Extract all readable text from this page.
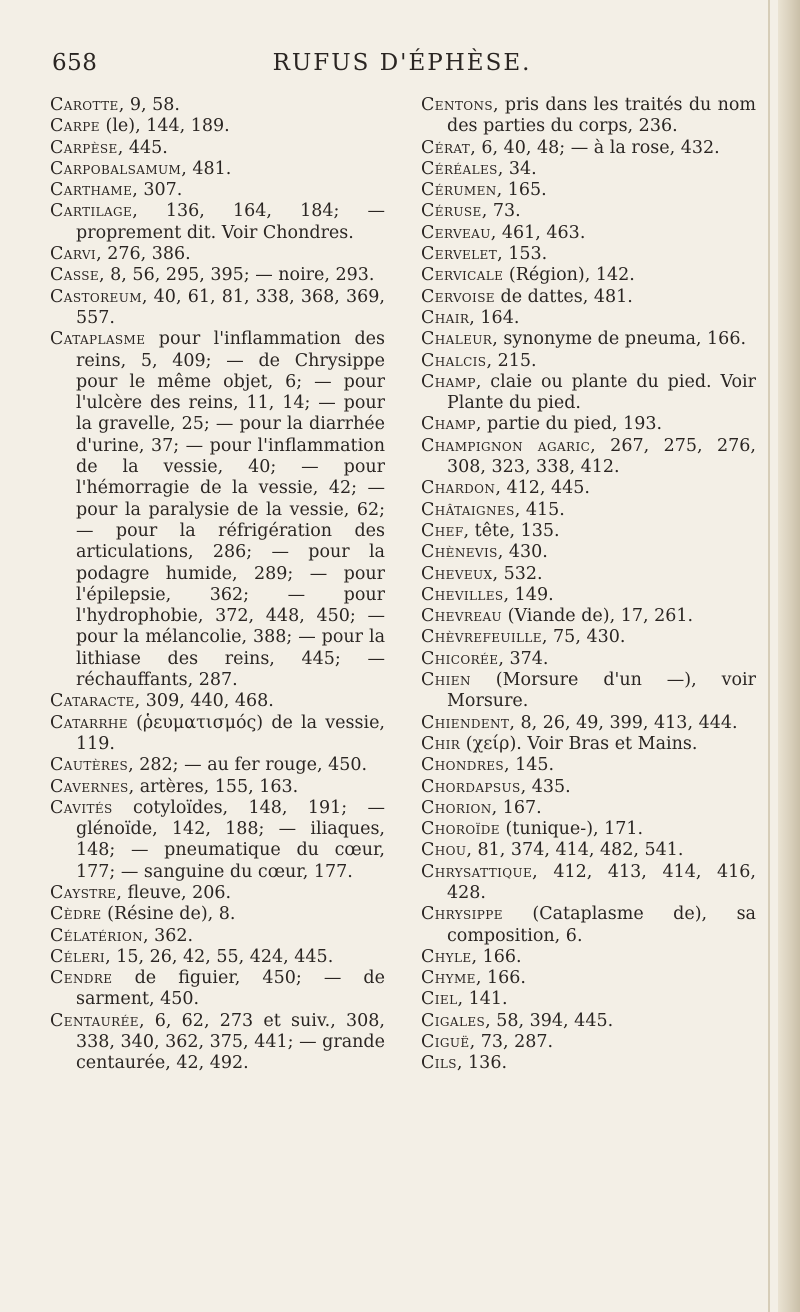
658	RUFUS D'ÉPHÈSE.

Carotte, 9, 58.

Carpe (le), 144, 189.

Carpèse, 445.

Carpobalsamum, 481.

Carthame, 307.

Cartilage, 136, 164, 184; — proprement dit. Voir Chondres.

Carvi, 276, 386.

Casse, 8, 56, 295, 395; — noire, 293.

Castoreum, 40, 61, 81, 338, 368, 369, 557.

Cataplasme pour l'inflammation des reins, 5, 409; — de Chrysippe pour le même objet, 6; — pour l'ulcère des reins, 11, 14; — pour la gravelle, 25; — pour la diarrhée d'urine, 37; — pour l'inflammation de la vessie, 40; — pour l'hémorragie de la vessie, 42; — pour la paralysie de la vessie, 62; — pour la réfrigération des articulations, 286; — pour la podagre humide, 289; — pour l'épilepsie, 362; — pour l'hydrophobie, 372, 448, 450; — pour la mélancolie, 388; — pour la lithiase des reins, 445; — réchauffants, 287.

Cataracte, 309, 440, 468.

Catarrhe (ῥευματισμός) de la vessie, 119.

Cautères, 282; — au fer rouge, 450.

Cavernes, artères, 155, 163.

Cavités cotyloïdes, 148, 191; — glénoïde, 142, 188; — iliaques, 148; — pneumatique du cœur, 177; — sanguine du cœur, 177.

Caystre, fleuve, 206.

Cèdre (Résine de), 8.

Célatérion, 362.

Céleri, 15, 26, 42, 55, 424, 445.

Cendre de figuier, 450; — de sarment, 450.

Centaurée, 6, 62, 273 et suiv., 308, 338, 340, 362, 375, 441; — grande centaurée, 42, 492.

Centons, pris dans les traités du nom des parties du corps, 236.

Cérat, 6, 40, 48; — à la rose, 432.

Céréales, 34.

Cérumen, 165.

Céruse, 73.

Cerveau, 461, 463.

Cervelet, 153.

Cervicale (Région), 142.

Cervoise de dattes, 481.

Chair, 164.

Chaleur, synonyme de pneuma, 166.

Chalcis, 215.

Champ, claie ou plante du pied. Voir Plante du pied.

Champ, partie du pied, 193.

Champignon agaric, 267, 275, 276, 308, 323, 338, 412.

Chardon, 412, 445.

Châtaignes, 415.

Chef, tête, 135.

Chènevis, 430.

Cheveux, 532.

Chevilles, 149.

Chevreau (Viande de), 17, 261.

Chèvrefeuille, 75, 430.

Chicorée, 374.

Chien (Morsure d'un —), voir Morsure.

Chiendent, 8, 26, 49, 399, 413, 444.

Chir (χείρ). Voir Bras et Mains.

Chondres, 145.

Chordapsus, 435.

Chorion, 167.

Choroïde (tunique-), 171.

Chou, 81, 374, 414, 482, 541.

Chrysattique, 412, 413, 414, 416, 428.

Chrysippe (Cataplasme de), sa composition, 6.

Chyle, 166.

Chyme, 166.

Ciel, 141.

Cigales, 58, 394, 445.

Ciguë, 73, 287.

Cils, 136.
